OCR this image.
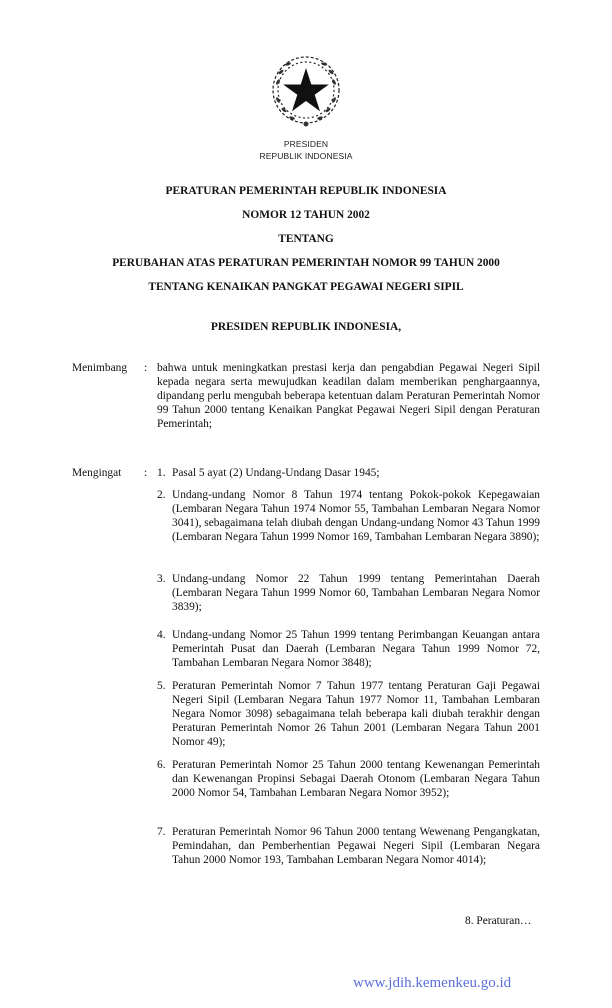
PRESIDEN
REPUBLIK INDONESIA
PERATURAN PEMERINTAH REPUBLIK INDONESIA
NOMOR 12 TAHUN 2002
TENTANG
PERUBAHAN ATAS PERATURAN PEMERINTAH NOMOR 99 TAHUN 2000
TENTANG KENAIKAN PANGKAT PEGAWAI NEGERI SIPIL
PRESIDEN REPUBLIK INDONESIA,
Menimbang : bahwa untuk meningkatkan prestasi kerja dan pengabdian Pegawai Negeri Sipil kepada negara serta mewujudkan keadilan dalam memberikan penghargaannya, dipandang perlu mengubah beberapa ketentuan dalam Peraturan Pemerintah Nomor 99 Tahun 2000 tentang Kenaikan Pangkat Pegawai Negeri Sipil dengan Peraturan Pemerintah;
Mengingat : 1. Pasal 5 ayat (2) Undang-Undang Dasar 1945;
2. Undang-undang Nomor 8 Tahun 1974 tentang Pokok-pokok Kepegawaian (Lembaran Negara Tahun 1974 Nomor 55, Tambahan Lembaran Negara Nomor 3041), sebagaimana telah diubah dengan Undang-undang Nomor 43 Tahun 1999 (Lembaran Negara Tahun 1999 Nomor 169, Tambahan Lembaran Negara 3890);
3. Undang-undang Nomor 22 Tahun 1999 tentang Pemerintahan Daerah (Lembaran Negara Tahun 1999 Nomor 60, Tambahan Lembaran Negara Nomor 3839);
4. Undang-undang Nomor 25 Tahun 1999 tentang Perimbangan Keuangan antara Pemerintah Pusat dan Daerah (Lembaran Negara Tahun 1999 Nomor 72, Tambahan Lembaran Negara Nomor 3848);
5. Peraturan Pemerintah Nomor 7 Tahun 1977 tentang Peraturan Gaji Pegawai Negeri Sipil (Lembaran Negara Tahun 1977 Nomor 11, Tambahan Lembaran Negara Nomor 3098) sebagaimana telah beberapa kali diubah terakhir dengan Peraturan Pemerintah Nomor 26 Tahun 2001 (Lembaran Negara Tahun 2001 Nomor 49);
6. Peraturan Pemerintah Nomor 25 Tahun 2000 tentang Kewenangan Pemerintah dan Kewenangan Propinsi Sebagai Daerah Otonom (Lembaran Negara Tahun 2000 Nomor 54, Tambahan Lembaran Negara Nomor 3952);
7. Peraturan Pemerintah Nomor 96 Tahun 2000 tentang Wewenang Pengangkatan, Pemindahan, dan Pemberhentian Pegawai Negeri Sipil (Lembaran Negara Tahun 2000 Nomor 193, Tambahan Lembaran Negara Nomor 4014);
8. Peraturan…
www.jdih.kemenkeu.go.id
